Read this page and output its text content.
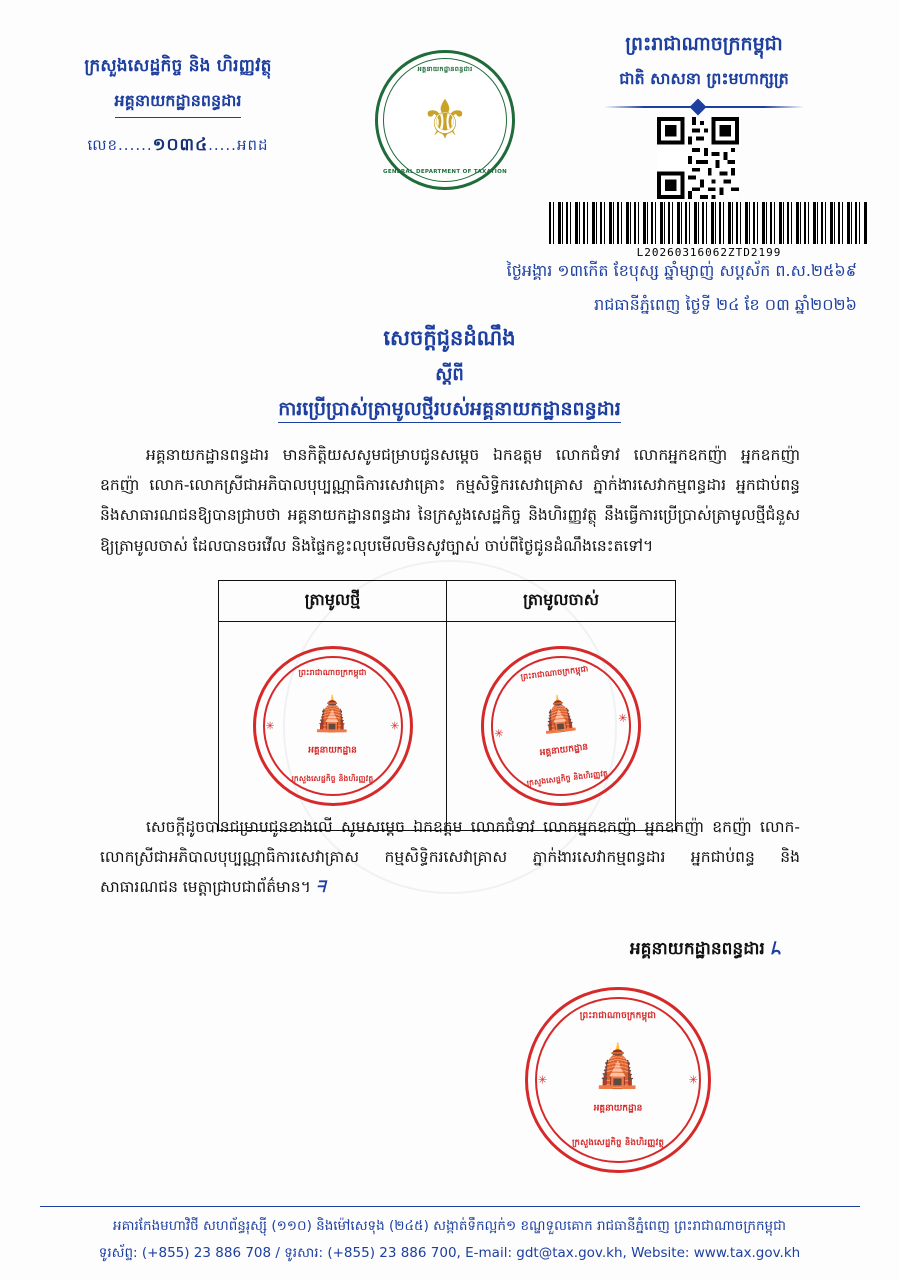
ក្រសួងសេដ្ឋកិច្ច និង ហិរញ្ញវត្ថុ
អគ្គនាយកដ្ឋានពន្ធដារ
លេខ......១០៣៤.....អពដ
អគ្គនាយកដ្ឋានពន្ធដារ
⚜
GENERAL DEPARTMENT OF TAXATION
ព្រះរាជាណាចក្រកម្ពុជា
ជាតិ សាសនា ព្រះមហាក្សត្រ
L20260316062ZTD2199
ថ្ងៃអង្គារ ១៣កើត ខែបុស្ស ឆ្នាំម្សាញ់ សប្តស័ក ព.ស.២៥៦៩
រាជធានីភ្នំពេញ ថ្ងៃទី ២៤ ខែ ០៣ ឆ្នាំ២០២៦
សេចក្តីជូនដំណឹង
ស្តីពី
ការប្រើប្រាស់ត្រាមូលថ្មីរបស់អគ្គនាយកដ្ឋានពន្ធដារ
អគ្គនាយកដ្ឋានពន្ធដារ មានកិត្តិយសសូមជម្រាបជូនសម្តេច ឯកឧត្តម លោកជំទាវ លោកអ្នកឧកញ៉ា អ្នកឧកញ៉ា ឧកញ៉ា លោក-លោកស្រីជាអភិបាលបុប្បណ្ណាធិការសេវាគ្រោះ កម្មសិទ្ធិករសេវាគ្រោស ភ្នាក់ងារសេវាកម្មពន្ធដារ អ្នកជាប់ពន្ធ និងសាធារណជនឱ្យបានជ្រាបថា អគ្គនាយកដ្ឋានពន្ធដារ នៃក្រសួងសេដ្ឋកិច្ច និងហិរញ្ញវត្ថុ នឹងធ្វើការប្រើប្រាស់ត្រាមូលថ្មីជំនួស ឱ្យត្រាមូលចាស់ ដែលបានចរវើល និងផ្ទៃកខ្លះលុបមើលមិនសូវច្បាស់ ចាប់ពីថ្ងៃជូនដំណឹងនេះតទៅ។
ត្រាមូលថ្មី	ត្រាមូលចាស់
ព្រះរាជាណាចក្រកម្ពុជា
🛕
✳	✳
អគ្គនាយកដ្ឋាន
ក្រសួងសេដ្ឋកិច្ច និងហិរញ្ញវត្ថុ
ព្រះរាជាណាចក្រកម្ពុជា
🛕
✳
✳
អគ្គនាយកដ្ឋាន
ក្រសួងសេដ្ឋកិច្ច និងហិរញ្ញវត្ថុ
សេចក្តីដូចបានជម្រាបជូនខាងលើ សូមសម្តេច ឯកឧត្តម លោកជំទាវ លោកអ្នកឧកញ៉ា អ្នកឧកញ៉ា ឧកញ៉ា លោក-លោកស្រីជាអភិបាលបុប្បណ្ណាធិការសេវាគ្រាស កម្មសិទ្ធិករសេវាគ្រាស ភ្នាក់ងារសេវាកម្មពន្ធដារ អ្នកជាប់ពន្ធ និង សាធារណជន មេត្តាជ្រាបជាព័ត៌មាន។ ᖷ
អគ្គនាយកដ្ឋានពន្ធដារ ᖺ
ព្រះរាជាណាចក្រកម្ពុជា
🛕
✳	✳
អគ្គនាយកដ្ឋាន
ក្រសួងសេដ្ឋកិច្ច និងហិរញ្ញវត្ថុ
អគារកែងមហាវិថី សហព័ន្ធរុស្ស៊ី (១១០) និងម៉ៅសេទុង (២៤៥) សង្កាត់ទឹកល្អក់១ ខណ្ឌទួលគោក រាជធានីភ្នំពេញ ព្រះរាជាណាចក្រកម្ពុជា
ទូរស័ព្ទ: (+855) 23 886 708 / ទូរសារ: (+855) 23 886 700, E-mail: gdt@tax.gov.kh, Website: www.tax.gov.kh
